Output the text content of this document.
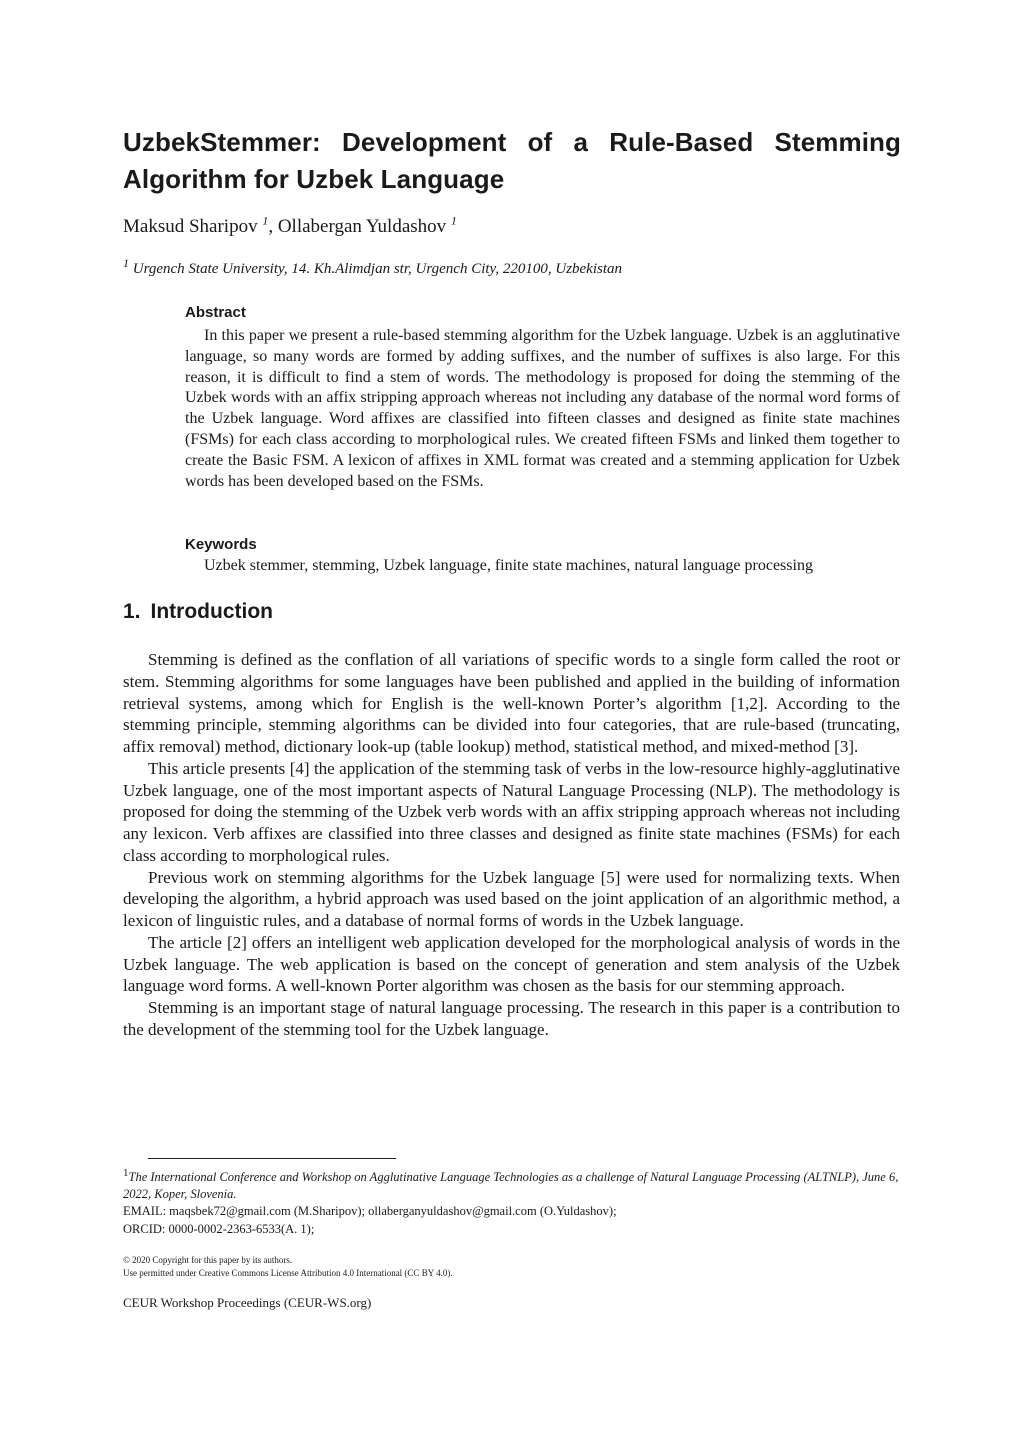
UzbekStemmer: Development of a Rule-Based Stemming
Algorithm for Uzbek Language

Maksud Sharipov $^1$, Ollabergan Yuldashov $^1$

$^1$ Urgench State University, 14. Kh.Alimdjan str, Urgench City, 220100, Uzbekistan

Abstract

In this paper we present a rule-based stemming algorithm for the Uzbek language. Uzbek is an agglutinative language, so many words are formed by adding suffixes, and the number of suffixes is also large. For this reason, it is difficult to find a stem of words. The methodology is proposed for doing the stemming of the Uzbek words with an affix stripping approach whereas not including any database of the normal word forms of the Uzbek language. Word affixes are classified into fifteen classes and designed as finite state machines (FSMs) for each class according to morphological rules. We created fifteen FSMs and linked them together to create the Basic FSM. A lexicon of affixes in XML format was created and a stemming application for Uzbek words has been developed based on the FSMs.

Keywords

Uzbek stemmer, stemming, Uzbek language, finite state machines, natural language processing

1. Introduction

Stemming is defined as the conflation of all variations of specific words to a single form called the root or stem. Stemming algorithms for some languages have been published and applied in the building of information retrieval systems, among which for English is the well-known Porter’s algorithm [1,2]. According to the stemming principle, stemming algorithms can be divided into four categories, that are rule-based (truncating, affix removal) method, dictionary look-up (table lookup) method, statistical method, and mixed-method [3].

This article presents [4] the application of the stemming task of verbs in the low-resource highly-agglutinative Uzbek language, one of the most important aspects of Natural Language Processing (NLP). The methodology is proposed for doing the stemming of the Uzbek verb words with an affix stripping approach whereas not including any lexicon. Verb affixes are classified into three classes and designed as finite state machines (FSMs) for each class according to morphological rules.

Previous work on stemming algorithms for the Uzbek language [5] were used for normalizing texts. When developing the algorithm, a hybrid approach was used based on the joint application of an algorithmic method, a lexicon of linguistic rules, and a database of normal forms of words in the Uzbek language.

The article [2] offers an intelligent web application developed for the morphological analysis of words in the Uzbek language. The web application is based on the concept of generation and stem analysis of the Uzbek language word forms. A well-known Porter algorithm was chosen as the basis for our stemming approach.

Stemming is an important stage of natural language processing. The research in this paper is a contribution to the development of the stemming tool for the Uzbek language.

1The International Conference and Workshop on Agglutinative Language Technologies as a challenge of Natural Language Processing (ALTNLP), June 6, 2022, Koper, Slovenia.

EMAIL: maqsbek72@gmail.com (M.Sharipov); ollaberganyuldashov@gmail.com (O.Yuldashov);

ORCID: 0000-0002-2363-6533(A. 1);

© 2020 Copyright for this paper by its authors.

Use permitted under Creative Commons License Attribution 4.0 International (CC BY 4.0).

CEUR Workshop Proceedings (CEUR-WS.org)
